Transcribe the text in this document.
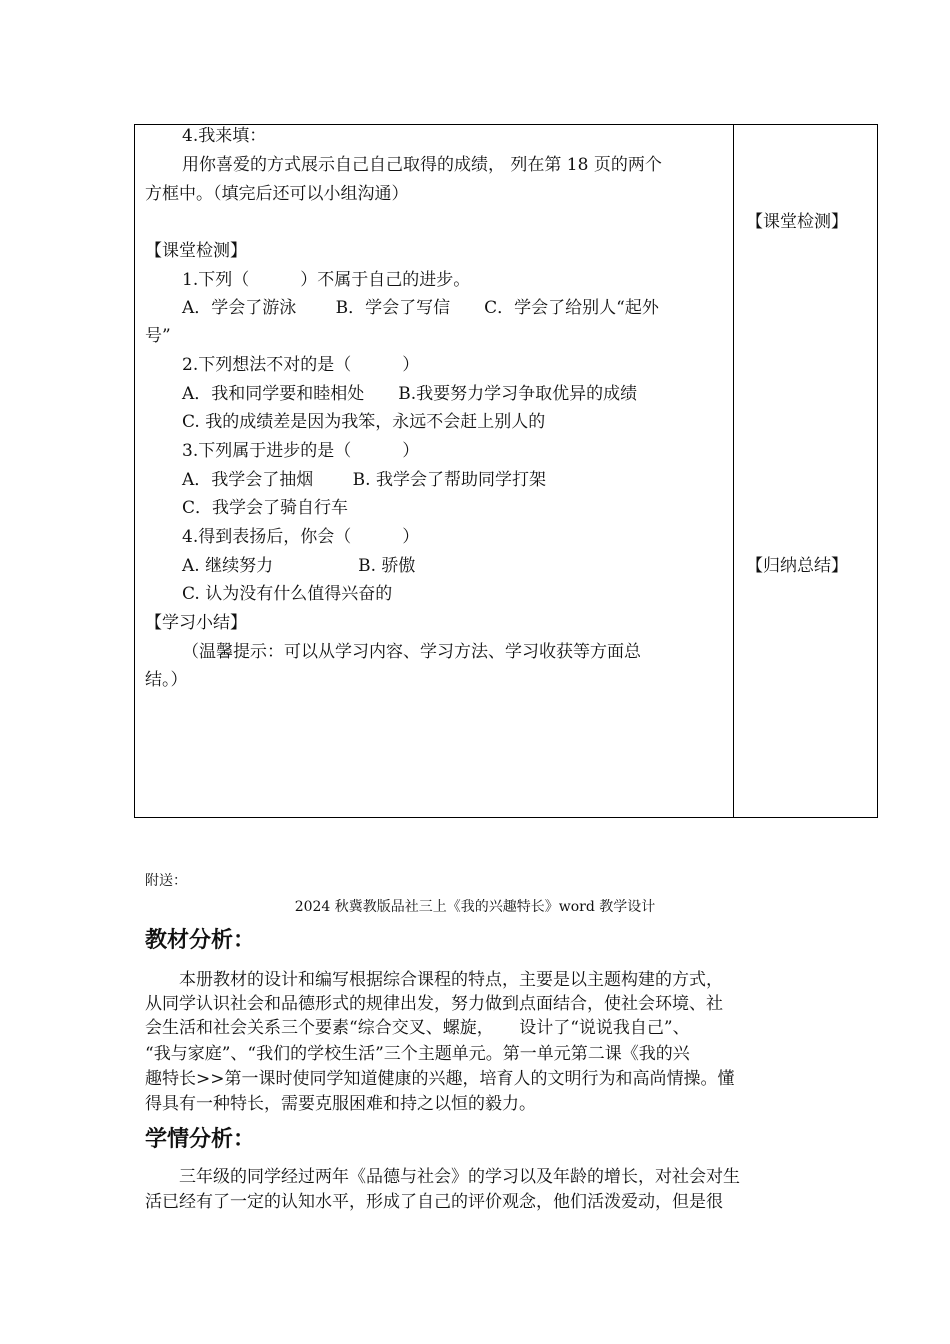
4.我来填：
用你喜爱的方式展示自己自己取得的成绩， 列在第 18 页的两个
方框中。（填完后还可以小组沟通）
【课堂检测】
1.下列（　　　）不属于自己的进步。
A．学会了游泳　　 B．学会了写信　　C．学会了给别人“起外
号”
2.下列想法不对的是（　　　）
A．我和同学要和睦相处　　B.我要努力学习争取优异的成绩
C. 我的成绩差是因为我笨，永远不会赶上别人的
3.下列属于进步的是（　　　）
A．我学会了抽烟　　 B. 我学会了帮助同学打架
C．我学会了骑自行车
4.得到表扬后，你会（　　　）
A. 继续努力　　　　　B. 骄傲
C. 认为没有什么值得兴奋的
【学习小结】
（温馨提示：可以从学习内容、学习方法、学习收获等方面总
结。）
【课堂检测】
【归纳总结】
附送：
2024 秋冀教版品社三上《我的兴趣特长》word 教学设计
教材分析：
　　本册教材的设计和编写根据综合课程的特点，主要是以主题构建的方式，
从同学认识社会和品德形式的规律出发，努力做到点面结合，使社会环境、社
会生活和社会关系三个要素“综合交叉、螺旋，　　设计了“说说我自己”、
“我与家庭”、“我们的学校生活”三个主题单元。第一单元第二课《我的兴
趣特长>>第一课时使同学知道健康的兴趣，培育人的文明行为和高尚情操。懂
得具有一种特长，需要克服困难和持之以恒的毅力。
学情分析：
　　三年级的同学经过两年《品德与社会》的学习以及年龄的增长，对社会对生
活已经有了一定的认知水平，形成了自己的评价观念，他们活泼爱动，但是很
